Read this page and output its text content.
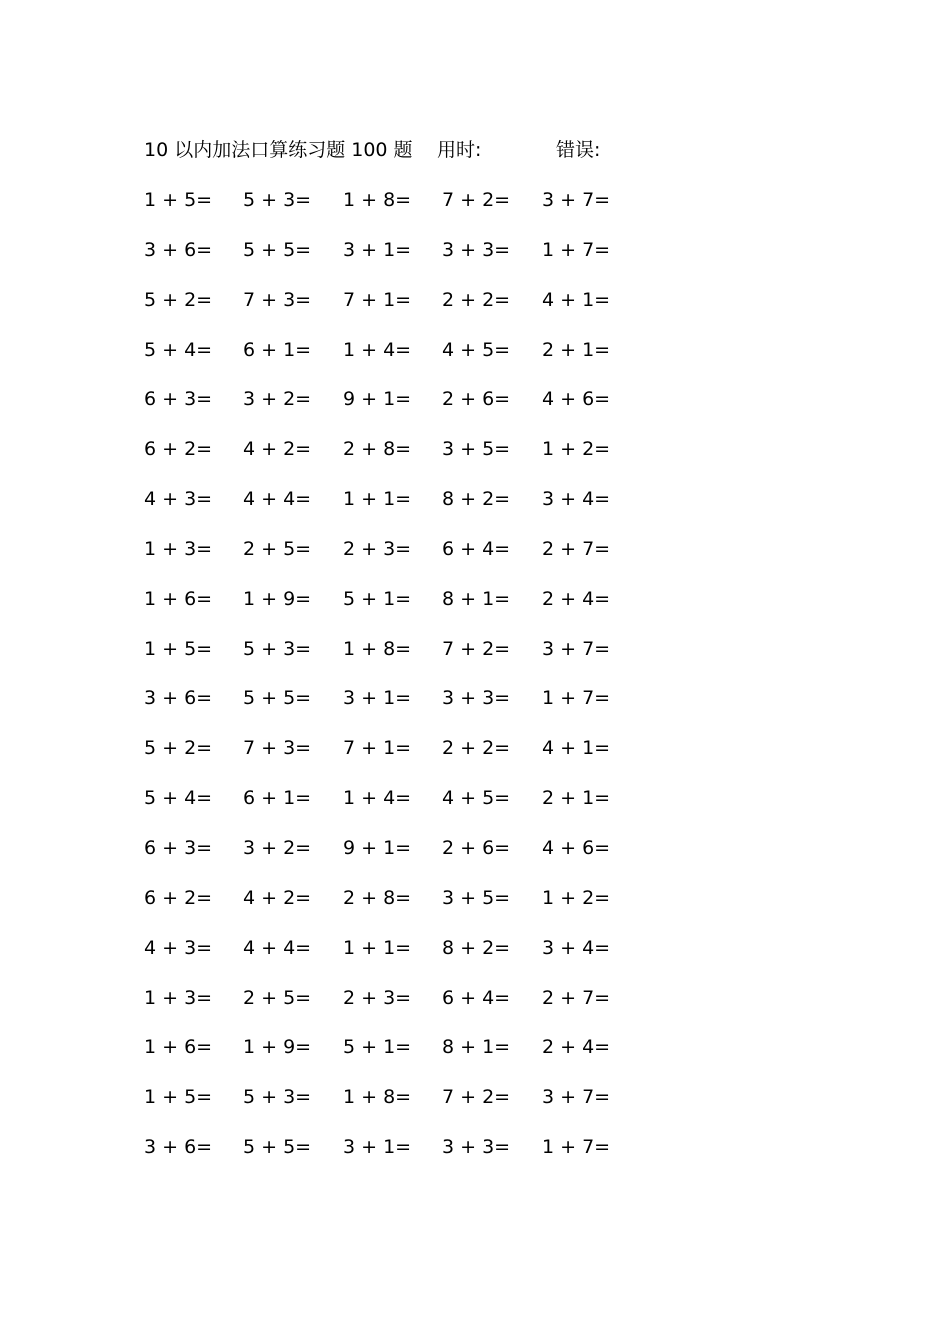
10 以内加法口算练习题 100 题 用时:	错误:
1 + 5= 5 + 3= 1 + 8= 7 + 2= 3 + 7=
3 + 6= 5 + 5= 3 + 1= 3 + 3= 1 + 7=
5 + 2= 7 + 3= 7 + 1= 2 + 2= 4 + 1=
5 + 4= 6 + 1= 1 + 4= 4 + 5= 2 + 1=
6 + 3= 3 + 2= 9 + 1= 2 + 6= 4 + 6=
6 + 2= 4 + 2= 2 + 8= 3 + 5= 1 + 2=
4 + 3= 4 + 4= 1 + 1= 8 + 2= 3 + 4=
1 + 3= 2 + 5= 2 + 3= 6 + 4= 2 + 7=
1 + 6= 1 + 9= 5 + 1= 8 + 1= 2 + 4=
1 + 5= 5 + 3= 1 + 8= 7 + 2= 3 + 7=
3 + 6= 5 + 5= 3 + 1= 3 + 3= 1 + 7=
5 + 2= 7 + 3= 7 + 1= 2 + 2= 4 + 1=
5 + 4= 6 + 1= 1 + 4= 4 + 5= 2 + 1=
6 + 3= 3 + 2= 9 + 1= 2 + 6= 4 + 6=
6 + 2= 4 + 2= 2 + 8= 3 + 5= 1 + 2=
4 + 3= 4 + 4= 1 + 1= 8 + 2= 3 + 4=
1 + 3= 2 + 5= 2 + 3= 6 + 4= 2 + 7=
1 + 6= 1 + 9= 5 + 1= 8 + 1= 2 + 4=
1 + 5= 5 + 3= 1 + 8= 7 + 2= 3 + 7=
3 + 6= 5 + 5= 3 + 1= 3 + 3= 1 + 7=
